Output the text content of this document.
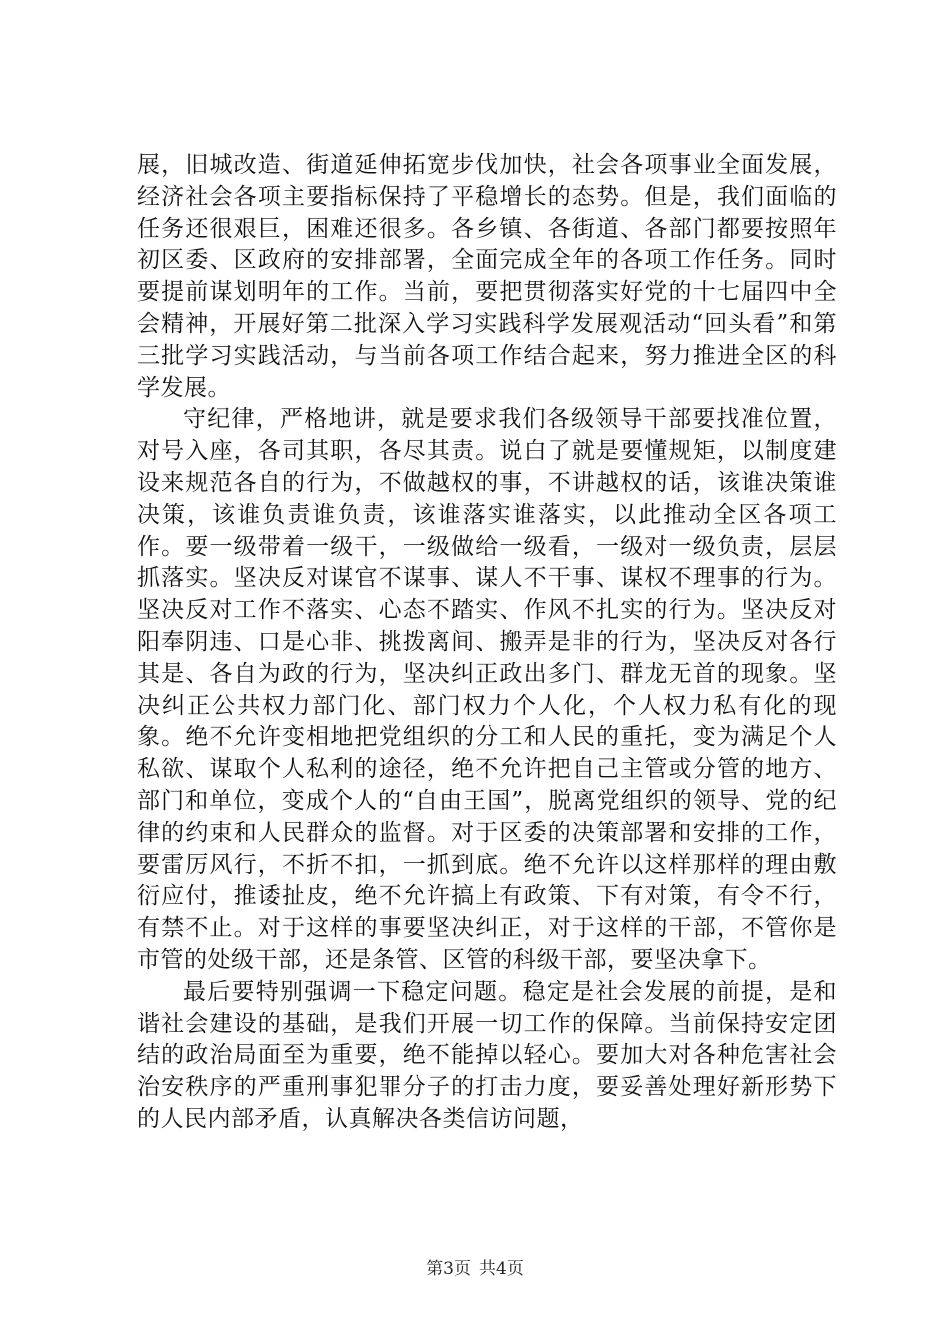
展，旧城改造、街道延伸拓宽步伐加快，社会各项事业全面发展，经济社会各项主要指标保持了平稳增长的态势。但是，我们面临的任务还很艰巨，困难还很多。各乡镇、各街道、各部门都要按照年初区委、区政府的安排部署，全面完成全年的各项工作任务。同时要提前谋划明年的工作。当前，要把贯彻落实好党的十七届四中全会精神，开展好第二批深入学习实践科学发展观活动“回头看”和第三批学习实践活动，与当前各项工作结合起来，努力推进全区的科学发展。

守纪律，严格地讲，就是要求我们各级领导干部要找准位置，对号入座，各司其职，各尽其责。说白了就是要懂规矩，以制度建设来规范各自的行为，不做越权的事，不讲越权的话，该谁决策谁决策，该谁负责谁负责，该谁落实谁落实，以此推动全区各项工作。要一级带着一级干，一级做给一级看，一级对一级负责，层层抓落实。坚决反对谋官不谋事、谋人不干事、谋权不理事的行为。坚决反对工作不落实、心态不踏实、作风不扎实的行为。坚决反对阳奉阴违、口是心非、挑拨离间、搬弄是非的行为，坚决反对各行其是、各自为政的行为，坚决纠正政出多门、群龙无首的现象。坚决纠正公共权力部门化、部门权力个人化，个人权力私有化的现象。绝不允许变相地把党组织的分工和人民的重托，变为满足个人私欲、谋取个人私利的途径，绝不允许把自己主管或分管的地方、部门和单位，变成个人的“自由王国”，脱离党组织的领导、党的纪律的约束和人民群众的监督。对于区委的决策部署和安排的工作，要雷厉风行，不折不扣，一抓到底。绝不允许以这样那样的理由敷衍应付，推诿扯皮，绝不允许搞上有政策、下有对策，有令不行，有禁不止。对于这样的事要坚决纠正，对于这样的干部，不管你是市管的处级干部，还是条管、区管的科级干部，要坚决拿下。

最后要特别强调一下稳定问题。稳定是社会发展的前提，是和谐社会建设的基础，是我们开展一切工作的保障。当前保持安定团结的政治局面至为重要，绝不能掉以轻心。要加大对各种危害社会治安秩序的严重刑事犯罪分子的打击力度，要妥善处理好新形势下的人民内部矛盾，认真解决各类信访问题，

第3页 共4页
